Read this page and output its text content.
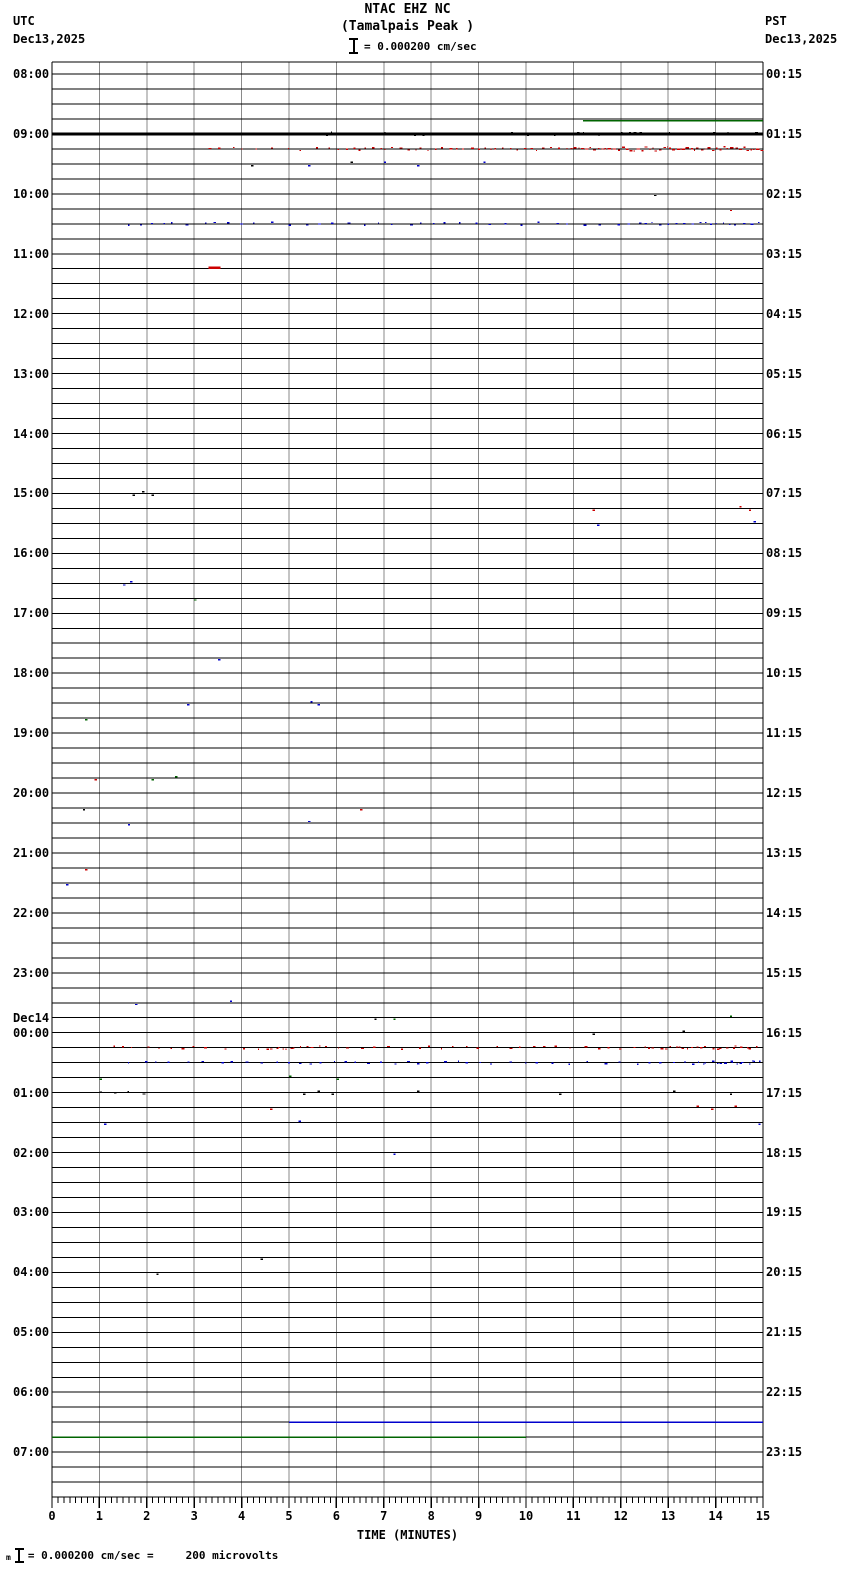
NTAC EHZ NC
(Tamalpais Peak )
UTC
Dec13,2025
PST
Dec13,2025
= 0.000200 cm/sec
08:00
09:00
10:00
11:00
12:00
13:00
14:00
15:00
16:00
17:00
18:00
19:00
20:00
21:00
22:00
23:00
00:00
01:00
02:00
03:00
04:00
05:00
06:00
07:00
00:15
01:15
02:15
03:15
04:15
05:15
06:15
07:15
08:15
09:15
10:15
11:15
12:15
13:15
14:15
15:15
16:15
17:15
18:15
19:15
20:15
21:15
22:15
23:15
Dec14
0	1	2	3	4	5	6	7	8	9	10	11	12	13	14	15
TIME (MINUTES)
m = 0.000200 cm/sec =	200 microvolts
